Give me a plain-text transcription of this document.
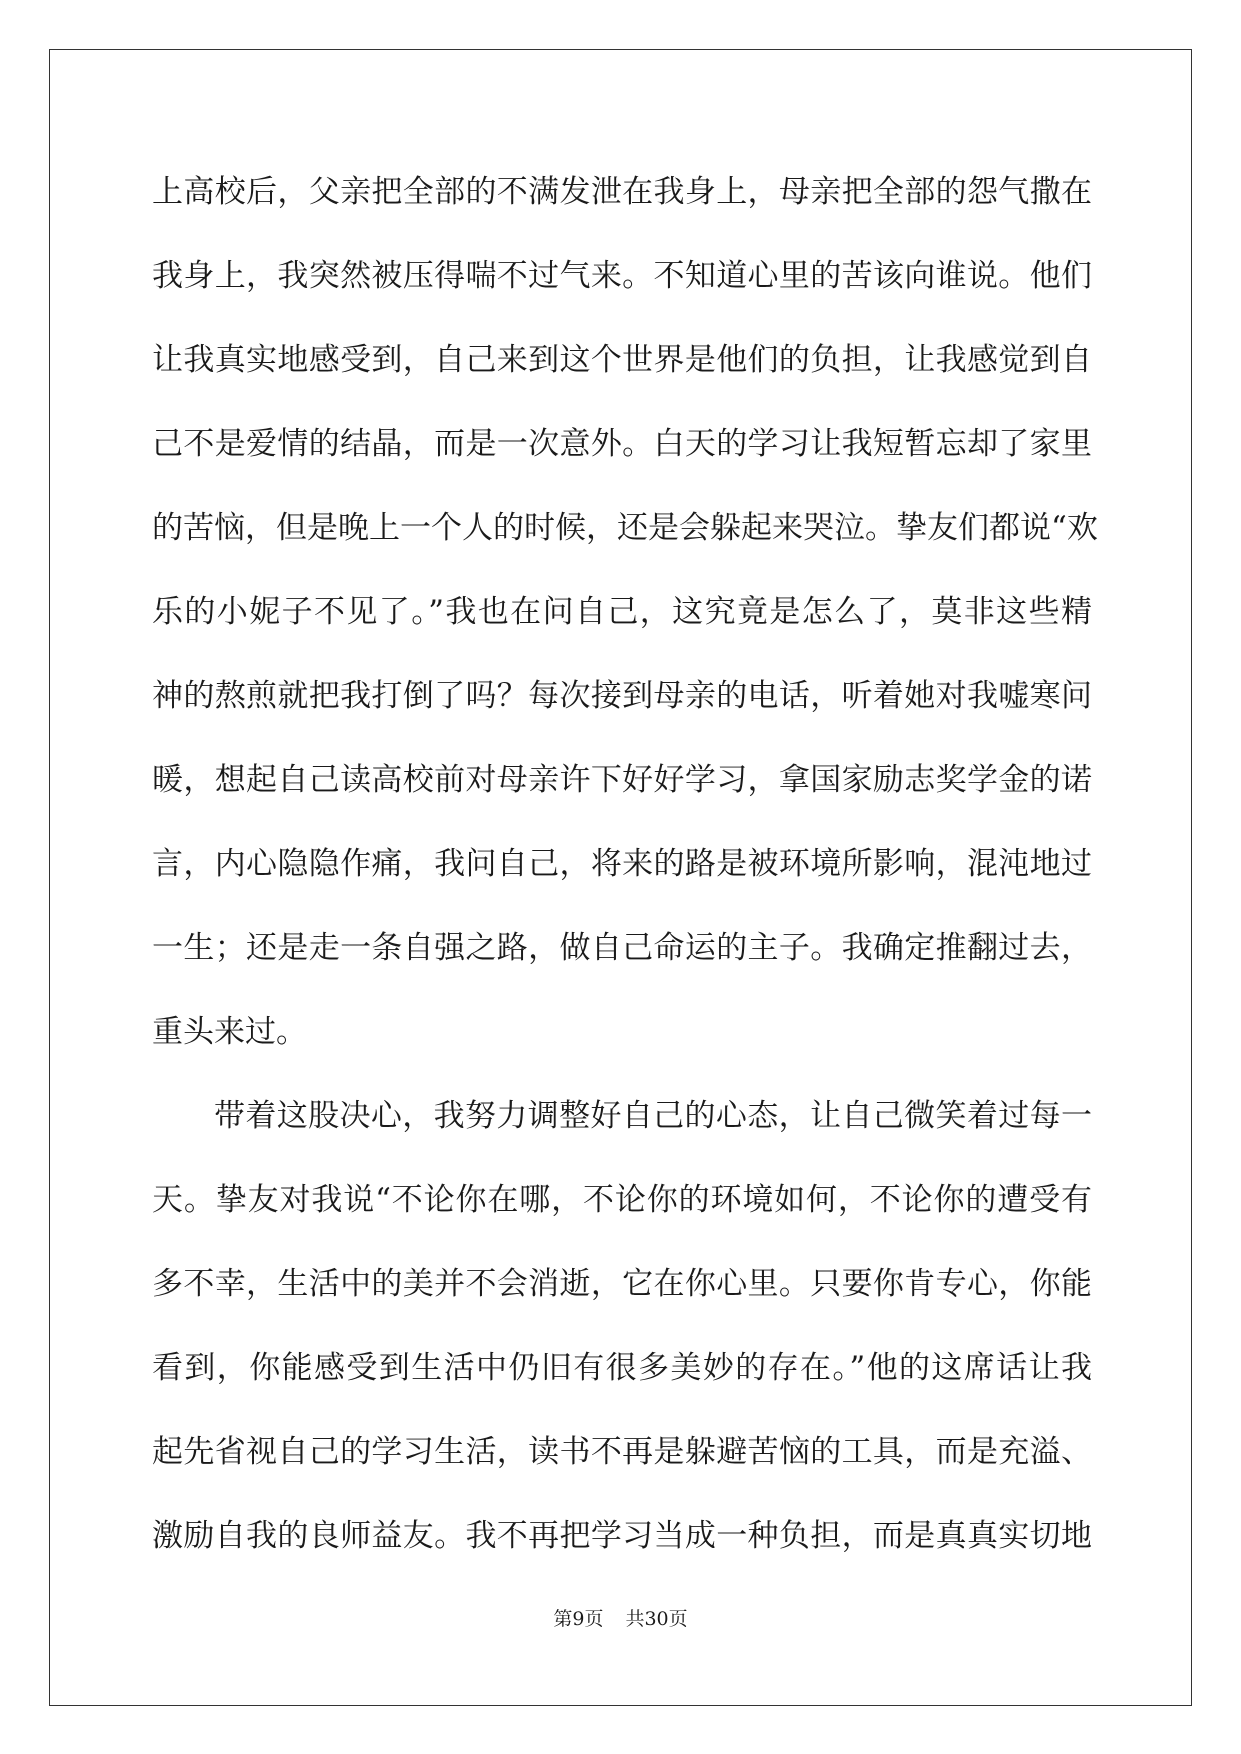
上高校后，父亲把全部的不满发泄在我身上，母亲把全部的怨气撒在
我身上，我突然被压得喘不过气来。不知道心里的苦该向谁说。他们
让我真实地感受到，自己来到这个世界是他们的负担，让我感觉到自
己不是爱情的结晶，而是一次意外。白天的学习让我短暂忘却了家里
的苦恼，但是晚上一个人的时候，还是会躲起来哭泣。挚友们都说“欢
乐的小妮子不见了。”我也在问自己，这究竟是怎么了，莫非这些精
神的熬煎就把我打倒了吗？每次接到母亲的电话，听着她对我嘘寒问
暖，想起自己读高校前对母亲许下好好学习，拿国家励志奖学金的诺
言，内心隐隐作痛，我问自己，将来的路是被环境所影响，混沌地过
一生；还是走一条自强之路，做自己命运的主子。我确定推翻过去，
重头来过。
带着这股决心，我努力调整好自己的心态，让自己微笑着过每一
天。挚友对我说“不论你在哪，不论你的环境如何，不论你的遭受有
多不幸，生活中的美并不会消逝，它在你心里。只要你肯专心，你能
看到，你能感受到生活中仍旧有很多美妙的存在。”他的这席话让我
起先省视自己的学习生活，读书不再是躲避苦恼的工具，而是充溢、
激励自我的良师益友。我不再把学习当成一种负担，而是真真实切地
第9页 共30页
